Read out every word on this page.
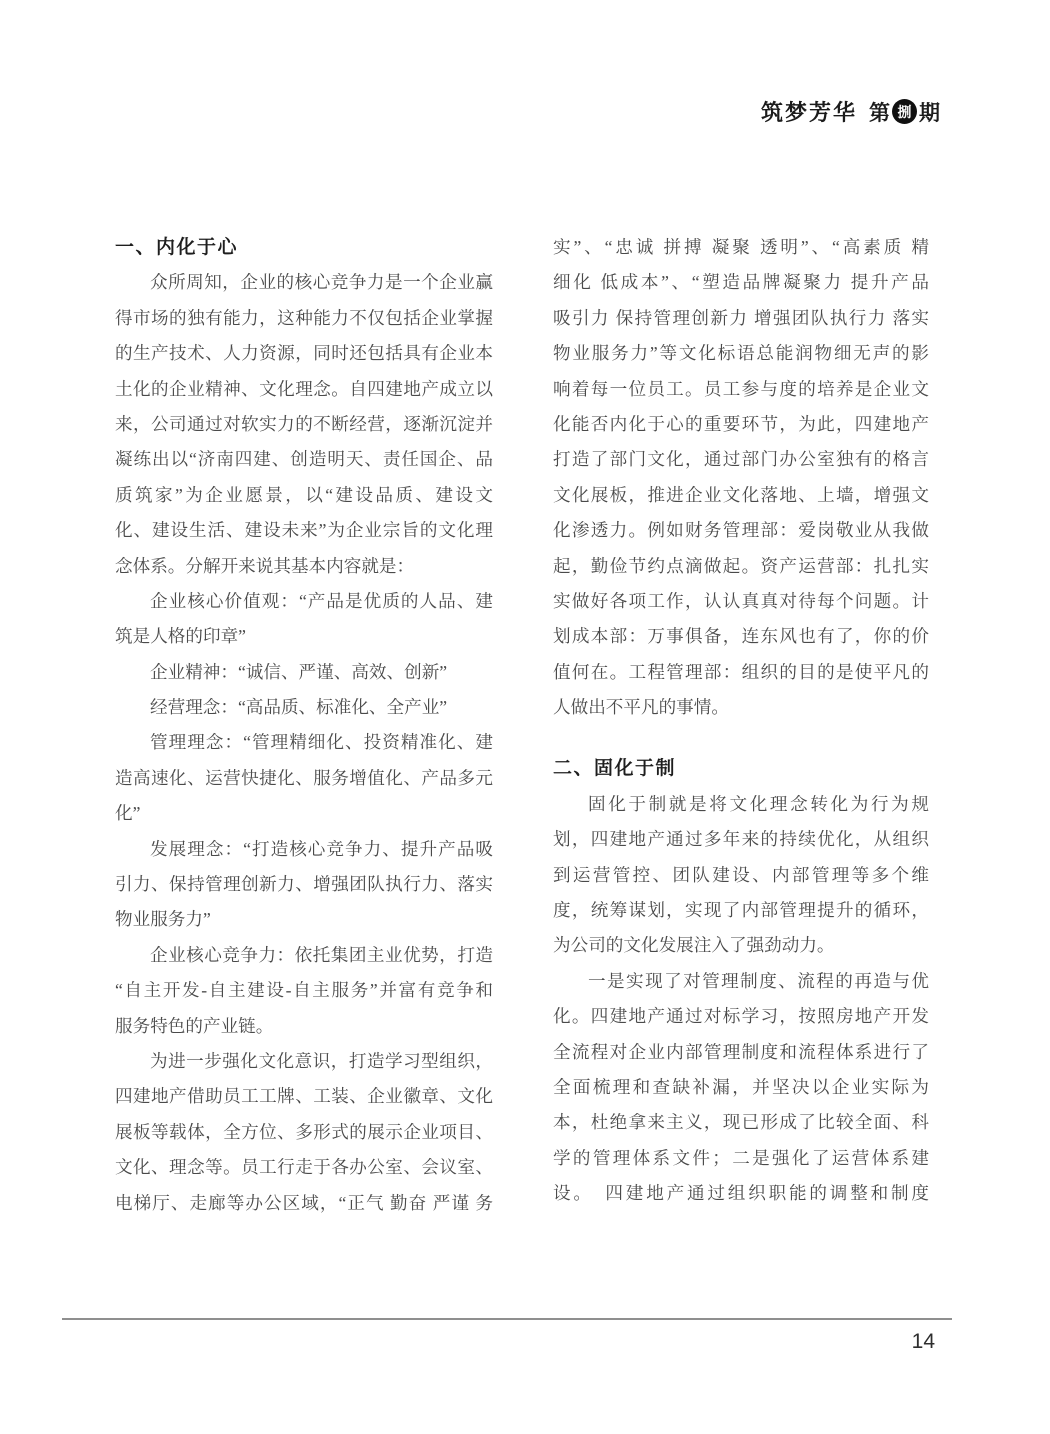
筑梦芳华 第 捌 期
一、内化于心
众所周知，企业的核心竞争力是一个企业赢
得市场的独有能力，这种能力不仅包括企业掌握
的生产技术、人力资源，同时还包括具有企业本
土化的企业精神、文化理念。自四建地产成立以
来，公司通过对软实力的不断经营，逐渐沉淀并
凝练出以“济南四建、创造明天、责任国企、品
质筑家”为企业愿景，以“建设品质、建设文
化、建设生活、建设未来”为企业宗旨的文化理
念体系。分解开来说其基本内容就是：
企业核心价值观：“产品是优质的人品、建
筑是人格的印章”
企业精神：“诚信、严谨、高效、创新”
经营理念：“高品质、标准化、全产业”
管理理念：“管理精细化、投资精准化、建
造高速化、运营快捷化、服务增值化、产品多元
化”
发展理念：“打造核心竞争力、提升产品吸
引力、保持管理创新力、增强团队执行力、落实
物业服务力”
企业核心竞争力：依托集团主业优势，打造
“自主开发-自主建设-自主服务”并富有竞争和
服务特色的产业链。
为进一步强化文化意识，打造学习型组织，
四建地产借助员工工牌、工装、企业徽章、文化
展板等载体，全方位、多形式的展示企业项目、
文化、理念等。员工行走于各办公室、会议室、
电梯厅、走廊等办公区域，“正气 勤奋 严谨 务
实”、“忠诚 拼搏 凝聚 透明”、“高素质 精
细化 低成本”、“塑造品牌凝聚力 提升产品
吸引力 保持管理创新力 增强团队执行力 落实
物业服务力”等文化标语总能润物细无声的影
响着每一位员工。员工参与度的培养是企业文
化能否内化于心的重要环节，为此，四建地产
打造了部门文化，通过部门办公室独有的格言
文化展板，推进企业文化落地、上墙，增强文
化渗透力。例如财务管理部：爱岗敬业从我做
起，勤俭节约点滴做起。资产运营部：扎扎实
实做好各项工作，认认真真对待每个问题。计
划成本部：万事俱备，连东风也有了，你的价
值何在。工程管理部：组织的目的是使平凡的
人做出不平凡的事情。
二、固化于制
固化于制就是将文化理念转化为行为规
划，四建地产通过多年来的持续优化，从组织
到运营管控、团队建设、内部管理等多个维
度，统筹谋划，实现了内部管理提升的循环，
为公司的文化发展注入了强劲动力。
一是实现了对管理制度、流程的再造与优
化。四建地产通过对标学习，按照房地产开发
全流程对企业内部管理制度和流程体系进行了
全面梳理和查缺补漏，并坚决以企业实际为
本，杜绝拿来主义，现已形成了比较全面、科
学的管理体系文件；二是强化了运营体系建
设。　四建地产通过组织职能的调整和制度
14
